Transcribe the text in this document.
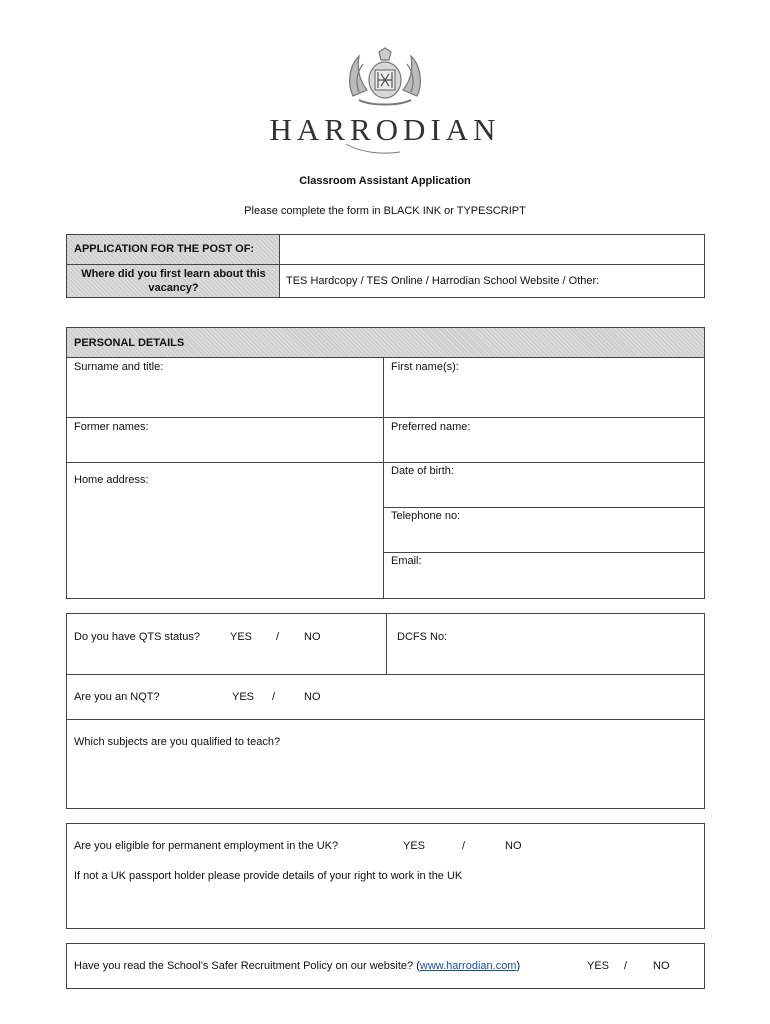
HARRODIAN
Classroom Assistant Application
Please complete the form in BLACK INK or TYPESCRIPT
APPLICATION FOR THE POST OF:
Where did you first learn about this
vacancy?
TES Hardcopy / TES Online / Harrodian School Website / Other:
PERSONAL DETAILS
Surname and title:	First name(s):
Former names:	Preferred name:
Home address:
Date of birth:
Telephone no:
Email:
Do you have QTS status?	YES / NO	DCFS No:
Are you an NQT?	YES /	NO
Which subjects are you qualified to teach?
Are you eligible for permanent employment in the UK?	YES	/	NO
If not a UK passport holder please provide details of your right to work in the UK
Have you read the School’s Safer Recruitment Policy on our website? (www.harrodian.com)	YES / NO
